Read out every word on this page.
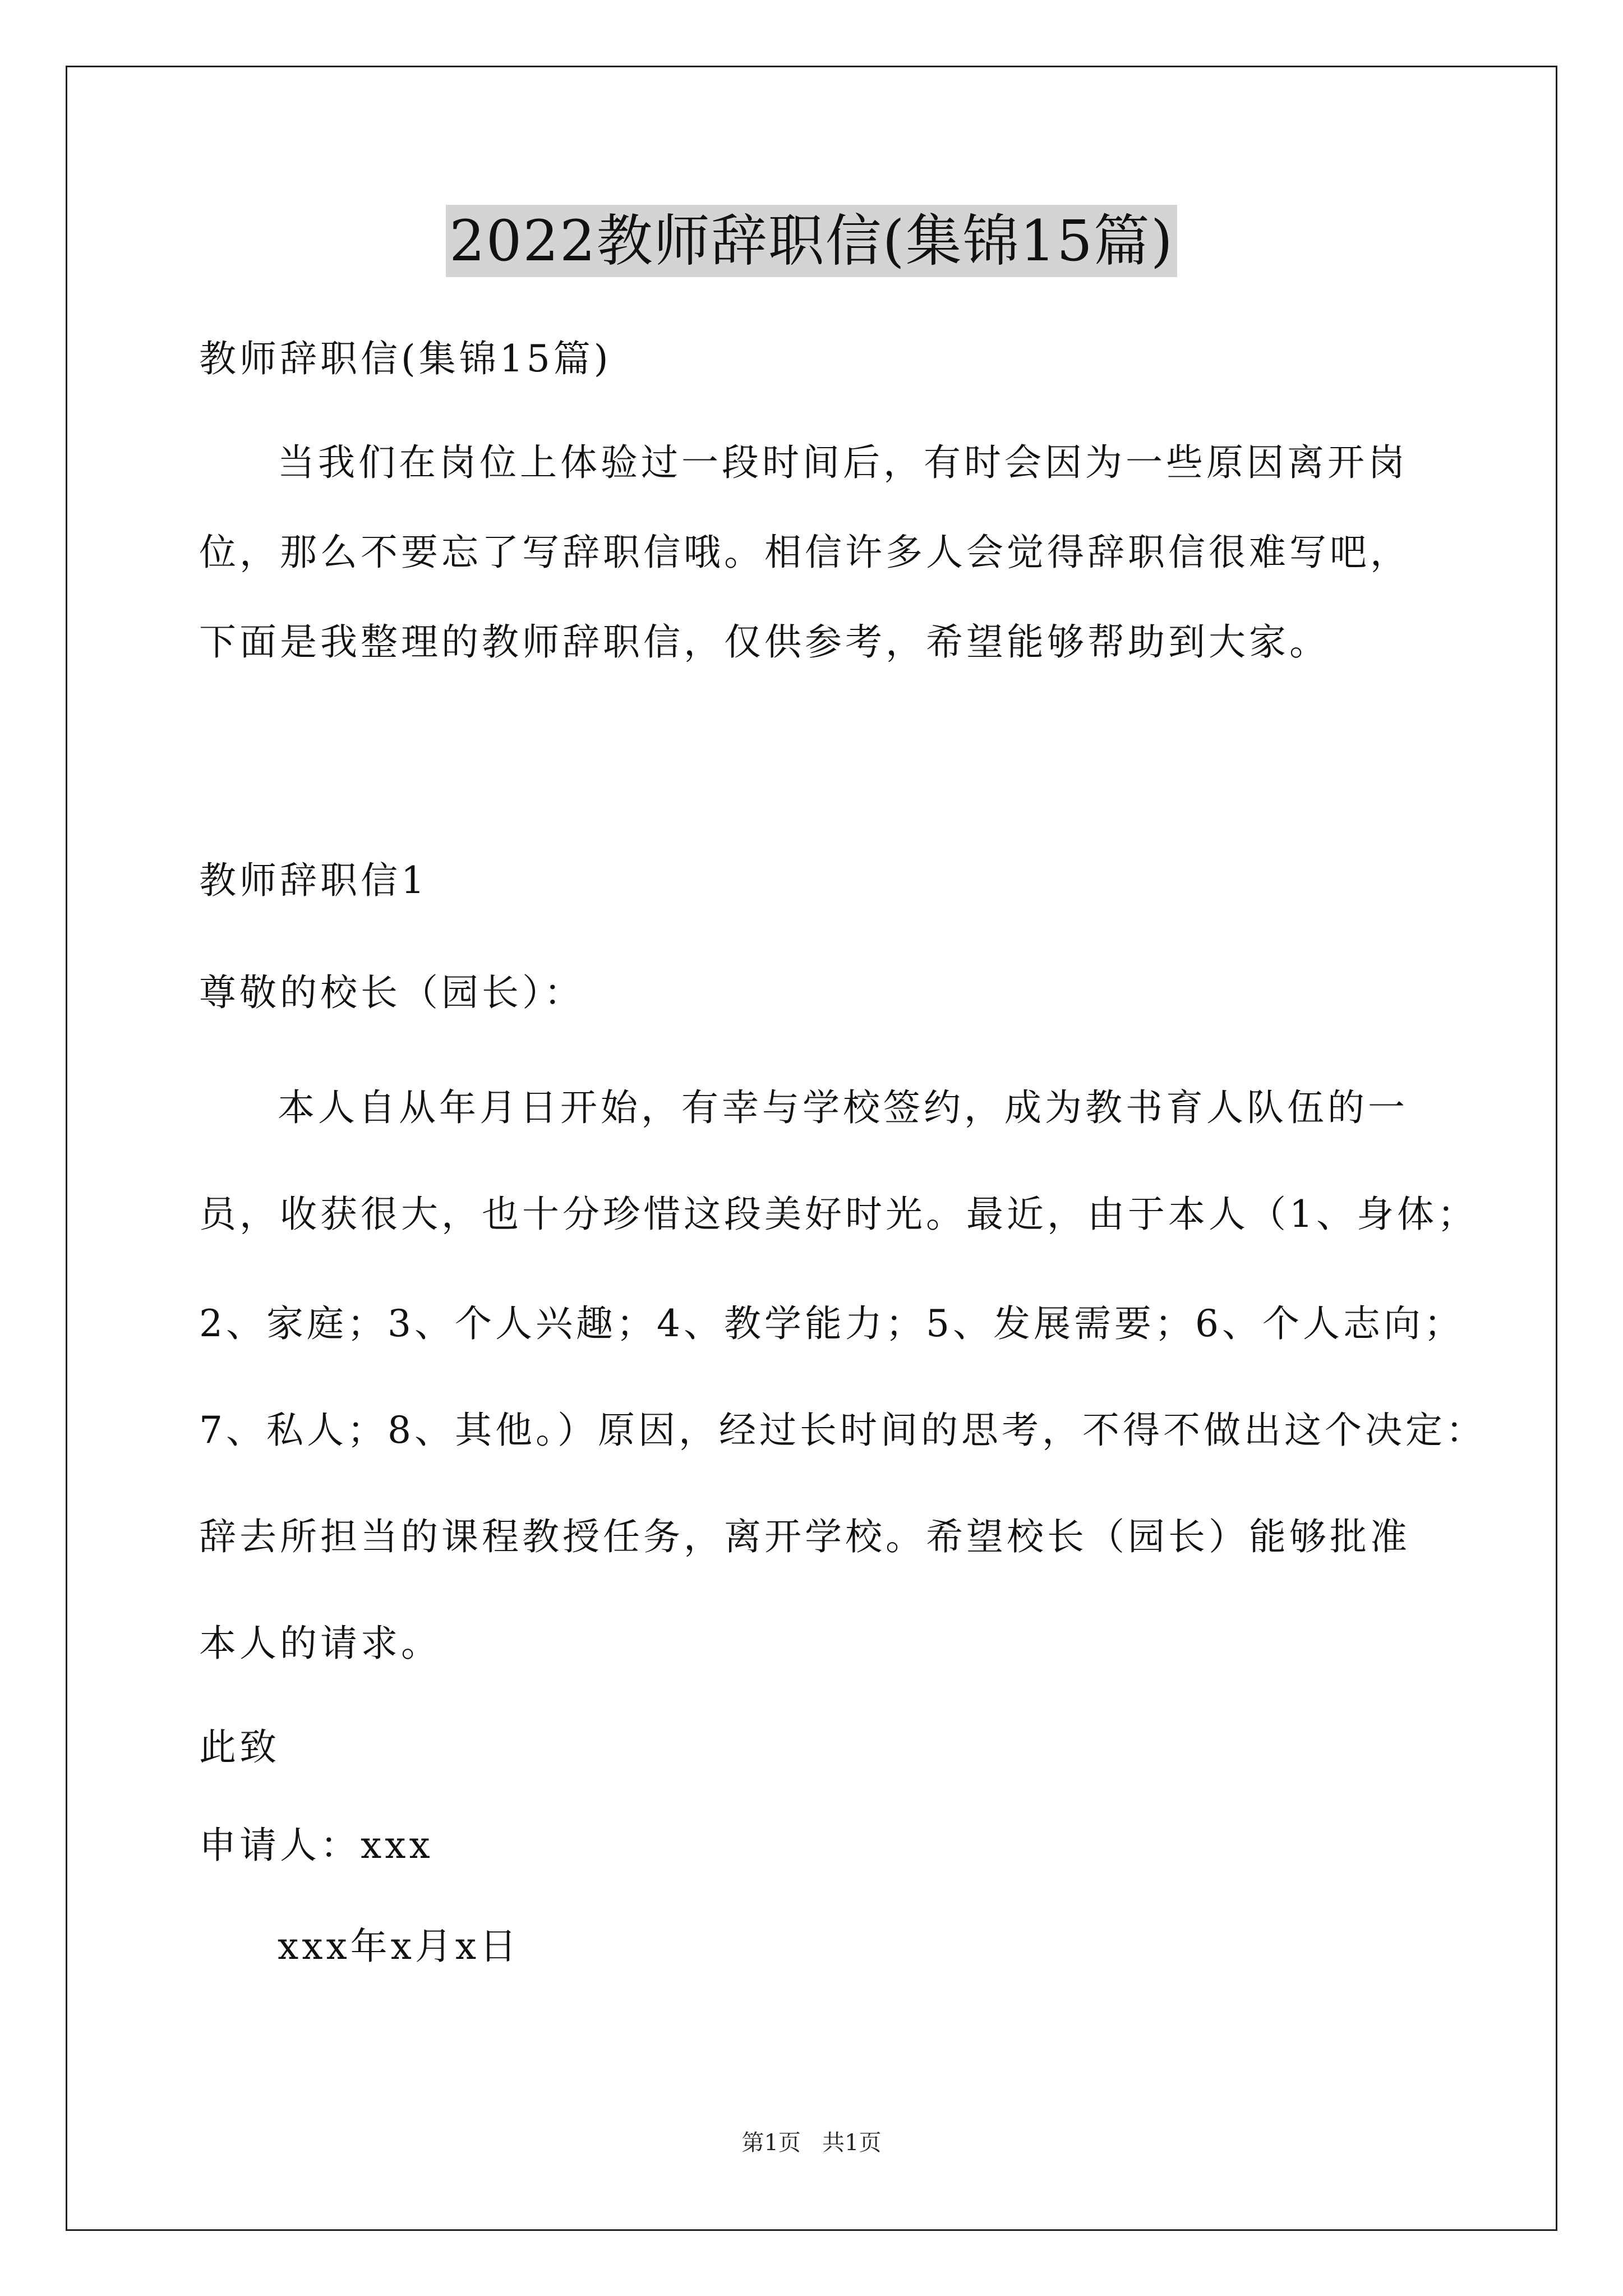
2022教师辞职信(集锦15篇)
教师辞职信(集锦15篇)
当我们在岗位上体验过一段时间后，有时会因为一些原因离开岗
位，那么不要忘了写辞职信哦。相信许多人会觉得辞职信很难写吧，
下面是我整理的教师辞职信，仅供参考，希望能够帮助到大家。
教师辞职信1
尊敬的校长（园长）：
本人自从年月日开始，有幸与学校签约，成为教书育人队伍的一
员，收获很大，也十分珍惜这段美好时光。最近，由于本人（1、身体；
2、家庭；3、个人兴趣；4、教学能力；5、发展需要；6、个人志向；
7、私人；8、其他。）原因，经过长时间的思考，不得不做出这个决定：
辞去所担当的课程教授任务，离开学校。希望校长（园长）能够批准
本人的请求。
此致
申请人：xxx
xxx年x月x日
第1页   共1页
